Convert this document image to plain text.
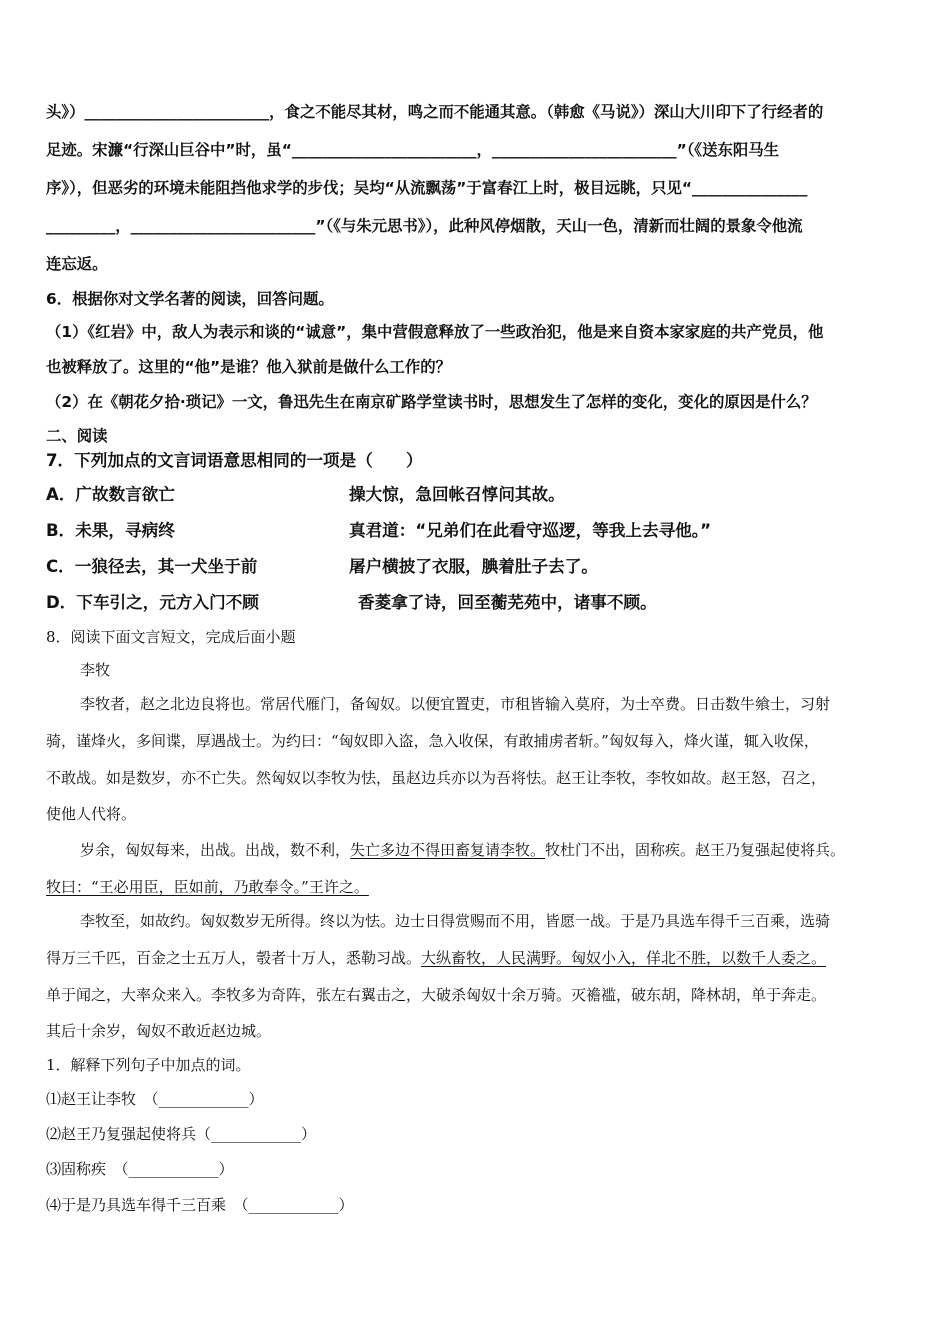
头》）________________________，食之不能尽其材，鸣之而不能通其意。（韩愈《马说》）深山大川印下了行经者的
足迹。宋濂“行深山巨谷中”时，虽“________________________，________________________”（《送东阳马生
序》），但恶劣的环境未能阻挡他求学的步伐；吴均“从流飘荡”于富春江上时，极目远眺，只见“_______________
_________，________________________”（《与朱元思书》），此种风停烟散，天山一色，清新而壮阔的景象令他流
连忘返。
6．根据你对文学名著的阅读，回答问题。
（1）《红岩》中，敌人为表示和谈的“诚意”，集中营假意释放了一些政治犯，他是来自资本家家庭的共产党员，他
也被释放了。这里的“他”是谁？他入狱前是做什么工作的？
（2）在《朝花夕拾·琐记》一文，鲁迅先生在南京矿路学堂读书时，思想发生了怎样的变化，变化的原因是什么？
二、阅读
7．下列加点的文言词语意思相同的一项是（　　）
A．广故数言欲亡	操大惊，急回帐召惇问其故。
B．未果，寻病终	真君道：“兄弟们在此看守巡逻，等我上去寻他。”
C．一狼径去，其一犬坐于前	屠户横披了衣服，腆着肚子去了。
D．下车引之，元方入门不顾	香菱拿了诗，回至蘅芜苑中，诸事不顾。
8．阅读下面文言短文，完成后面小题
李牧
李牧者，赵之北边良将也。常居代雁门，备匈奴。以便宜置吏，市租皆输入莫府，为士卒费。日击数牛飨士，习射
骑，谨烽火，多间谍，厚遇战士。为约曰：“匈奴即入盗，急入收保，有敢捕虏者斩。”匈奴每入，烽火谨，辄入收保，
不敢战。如是数岁，亦不亡失。然匈奴以李牧为怯，虽赵边兵亦以为吾将怯。赵王让李牧，李牧如故。赵王怒，召之，
使他人代将。
岁余，匈奴每来，出战。出战，数不利，失亡多边不得田畜复请李牧。牧杜门不出，固称疾。赵王乃复强起使将兵。
牧曰：“王必用臣，臣如前，乃敢奉令。”王许之。
李牧至，如故约。匈奴数岁无所得。终以为怯。边士日得赏赐而不用，皆愿一战。于是乃具选车得千三百乘，选骑
得万三千匹，百金之士五万人，彀者十万人，悉勒习战。大纵畜牧，人民满野。匈奴小入，佯北不胜，以数千人委之。
单于闻之，大率众来入。李牧多为奇阵，张左右翼击之，大破杀匈奴十余万骑。灭襜褴，破东胡，降林胡，单于奔走。
其后十余岁，匈奴不敢近赵边城。
1．解释下列句子中加点的词。
⑴赵王让李牧　（____________）
⑵赵王乃复强起使将兵（____________）
⑶固称疾　（____________）
⑷于是乃具选车得千三百乘　（____________）
